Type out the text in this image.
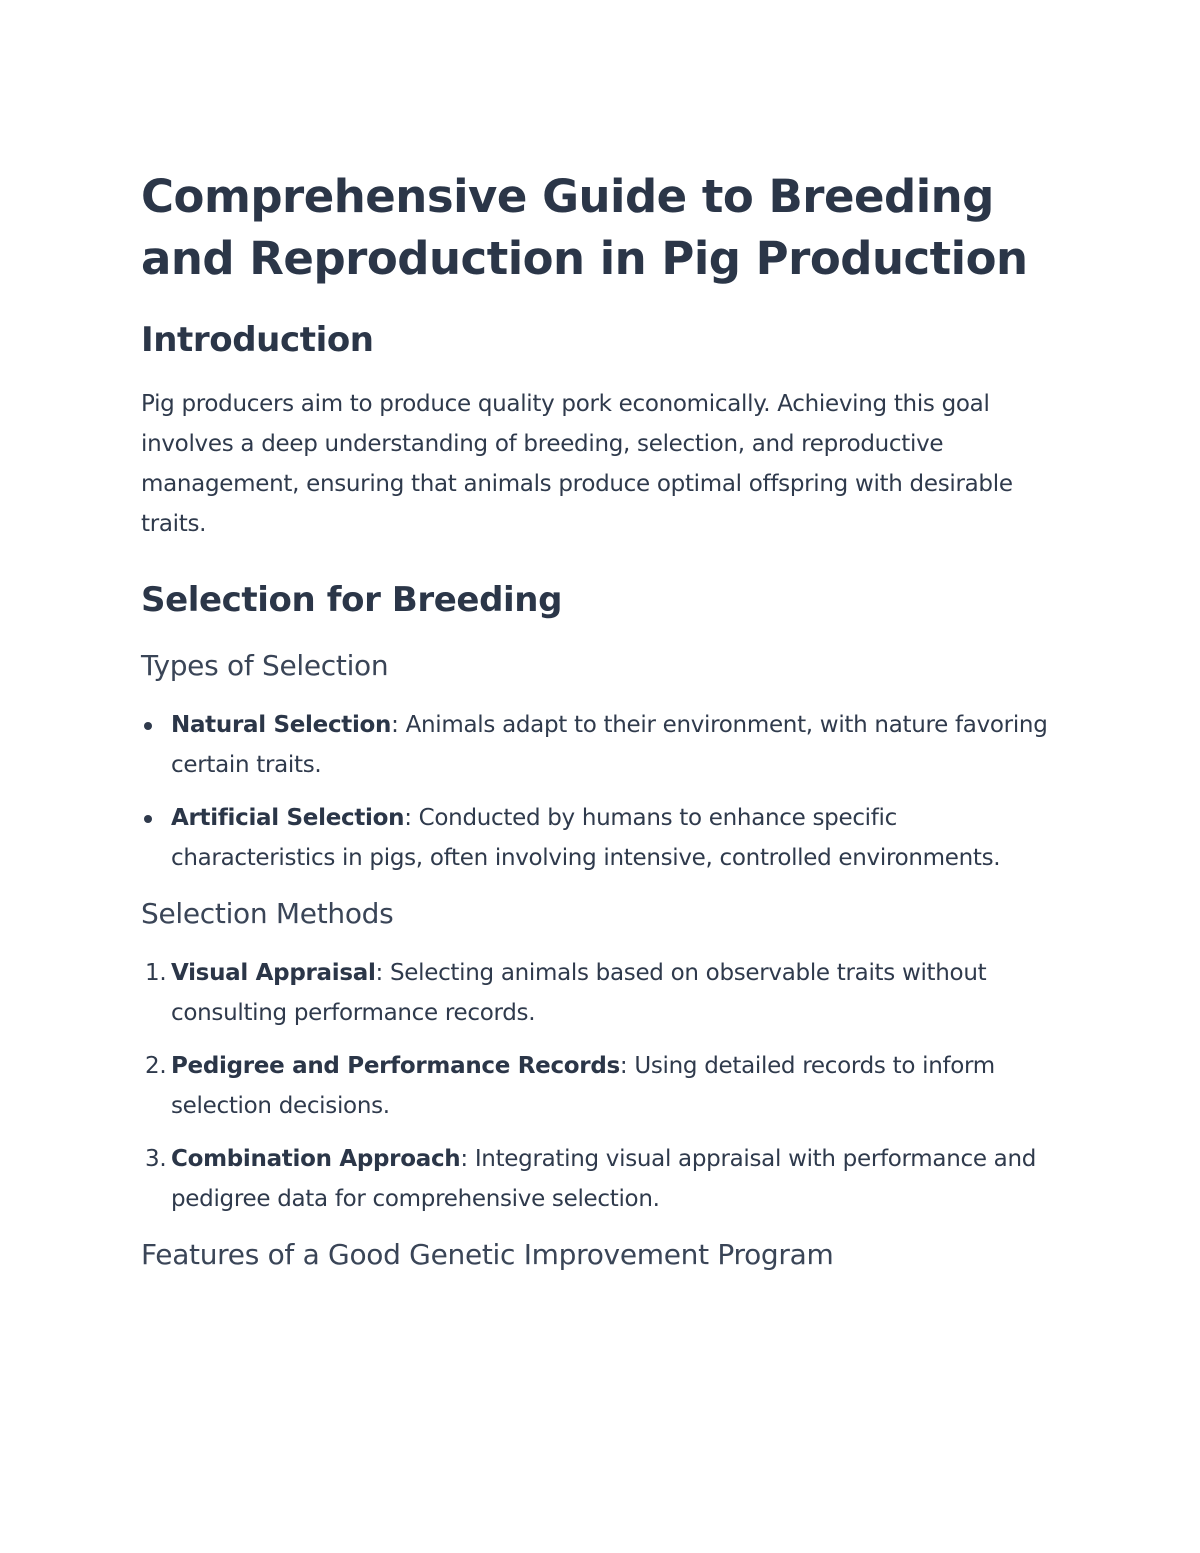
Comprehensive Guide to Breeding and Reproduction in Pig Production
Introduction

Pig producers aim to produce quality pork economically. Achieving this goal involves a deep understanding of breeding, selection, and reproductive management, ensuring that animals produce optimal offspring with desirable traits.

Selection for Breeding
Types of Selection
Natural Selection: Animals adapt to their environment, with nature favoring certain traits.
Artificial Selection: Conducted by humans to enhance specific characteristics in pigs, often involving intensive, controlled environments.
Selection Methods
1. Visual Appraisal: Selecting animals based on observable traits without consulting performance records.
2. Pedigree and Performance Records: Using detailed records to inform selection decisions.
3. Combination Approach: Integrating visual appraisal with performance and pedigree data for comprehensive selection.
Features of a Good Genetic Improvement Program
